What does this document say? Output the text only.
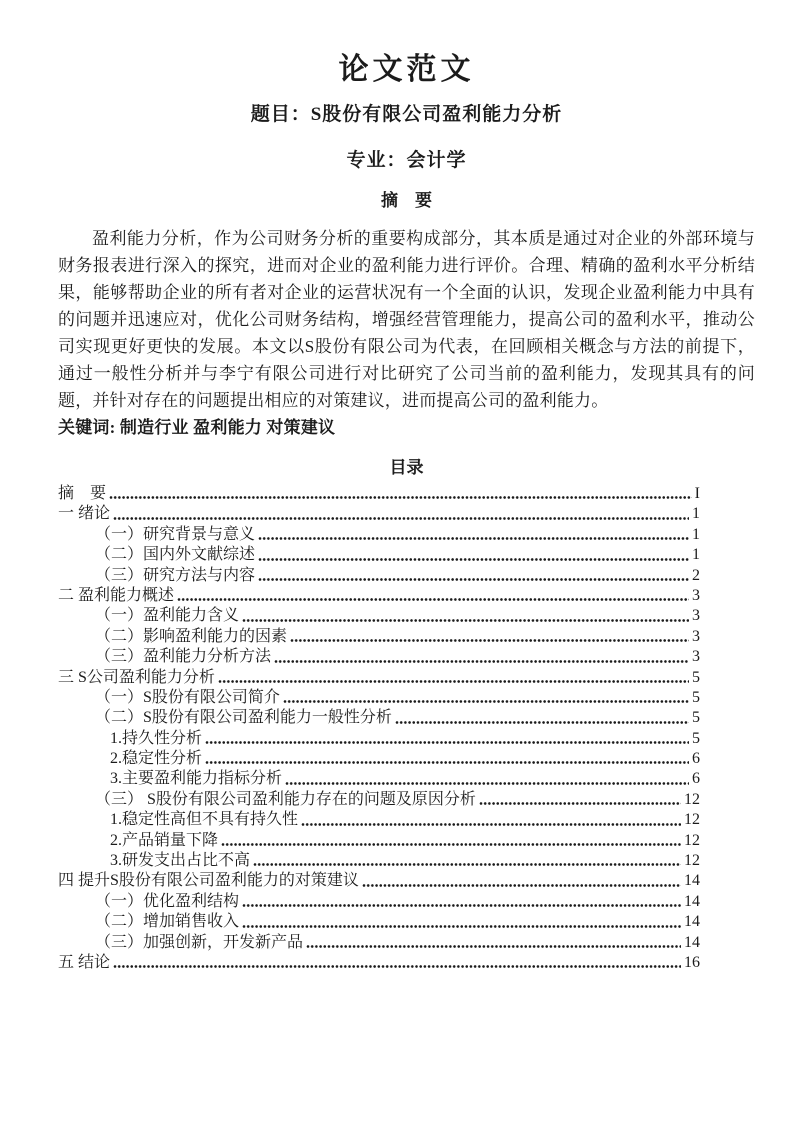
论文范文
题目：S股份有限公司盈利能力分析
专业：会计学
摘　要
盈利能力分析，作为公司财务分析的重要构成部分，其本质是通过对企业的外部环境与财务报表进行深入的探究，进而对企业的盈利能力进行评价。合理、精确的盈利水平分析结果，能够帮助企业的所有者对企业的运营状况有一个全面的认识，发现企业盈利能力中具有的问题并迅速应对，优化公司财务结构，增强经营管理能力，提高公司的盈利水平，推动公司实现更好更快的发展。本文以S股份有限公司为代表，在回顾相关概念与方法的前提下，通过一般性分析并与李宁有限公司进行对比研究了公司当前的盈利能力，发现其具有的问题，并针对存在的问题提出相应的对策建议，进而提高公司的盈利能力。
关键词: 制造行业 盈利能力 对策建议
目录
摘　要	I
一 绪论	1
（一）研究背景与意义	1
（二）国内外文献综述	1
（三）研究方法与内容	2
二 盈利能力概述	3
（一）盈利能力含义	3
（二）影响盈利能力的因素	3
（三）盈利能力分析方法	3
三 S公司盈利能力分析	5
（一）S股份有限公司简介	5
（二）S股份有限公司盈利能力一般性分析	5
1.持久性分析	5
2.稳定性分析	6
3.主要盈利能力指标分析	6
（三） S股份有限公司盈利能力存在的问题及原因分析	12
1.稳定性高但不具有持久性	12
2.产品销量下降	12
3.研发支出占比不高	12
四 提升S股份有限公司盈利能力的对策建议	14
（一）优化盈利结构	14
（二）增加销售收入	14
（三）加强创新，开发新产品	14
五 结论	16
